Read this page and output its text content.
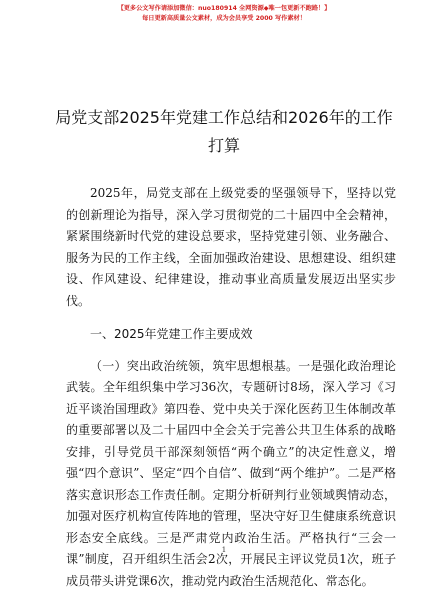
【更多公文写作请添加微信：nuo180914 全网资源◆唯一包更新不跑路！】
每日更新高质量公文素材，成为会员享受 2000 写作素材！
局党支部2025年党建工作总结和2026年的工作打算

2025年，局党支部在上级党委的坚强领导下，坚持以党的创新理论为指导，深入学习贯彻党的二十届四中全会精神，紧紧围绕新时代党的建设总要求，坚持党建引领、业务融合、服务为民的工作主线，全面加强政治建设、思想建设、组织建设、作风建设、纪律建设，推动事业高质量发展迈出坚实步伐。

一、2025年党建工作主要成效

（一）突出政治统领，筑牢思想根基。一是强化政治理论武装。全年组织集中学习36次，专题研讨8场，深入学习《习近平谈治国理政》第四卷、党中央关于深化医药卫生体制改革的重要部署以及二十届四中全会关于完善公共卫生体系的战略安排，引导党员干部深刻领悟“两个确立”的决定性意义，增强“四个意识”、坚定“四个自信”、做到“两个维护”。二是严格落实意识形态工作责任制。定期分析研判行业领域舆情动态，加强对医疗机构宣传阵地的管理，坚决守好卫生健康系统意识形态安全底线。三是严肃党内政治生活。严格执行“三会一课”制度，召开组织生活会2次，开展民主评议党员1次，班子成员带头讲党课6次，推动党内政治生活规范化、常态化。

1
